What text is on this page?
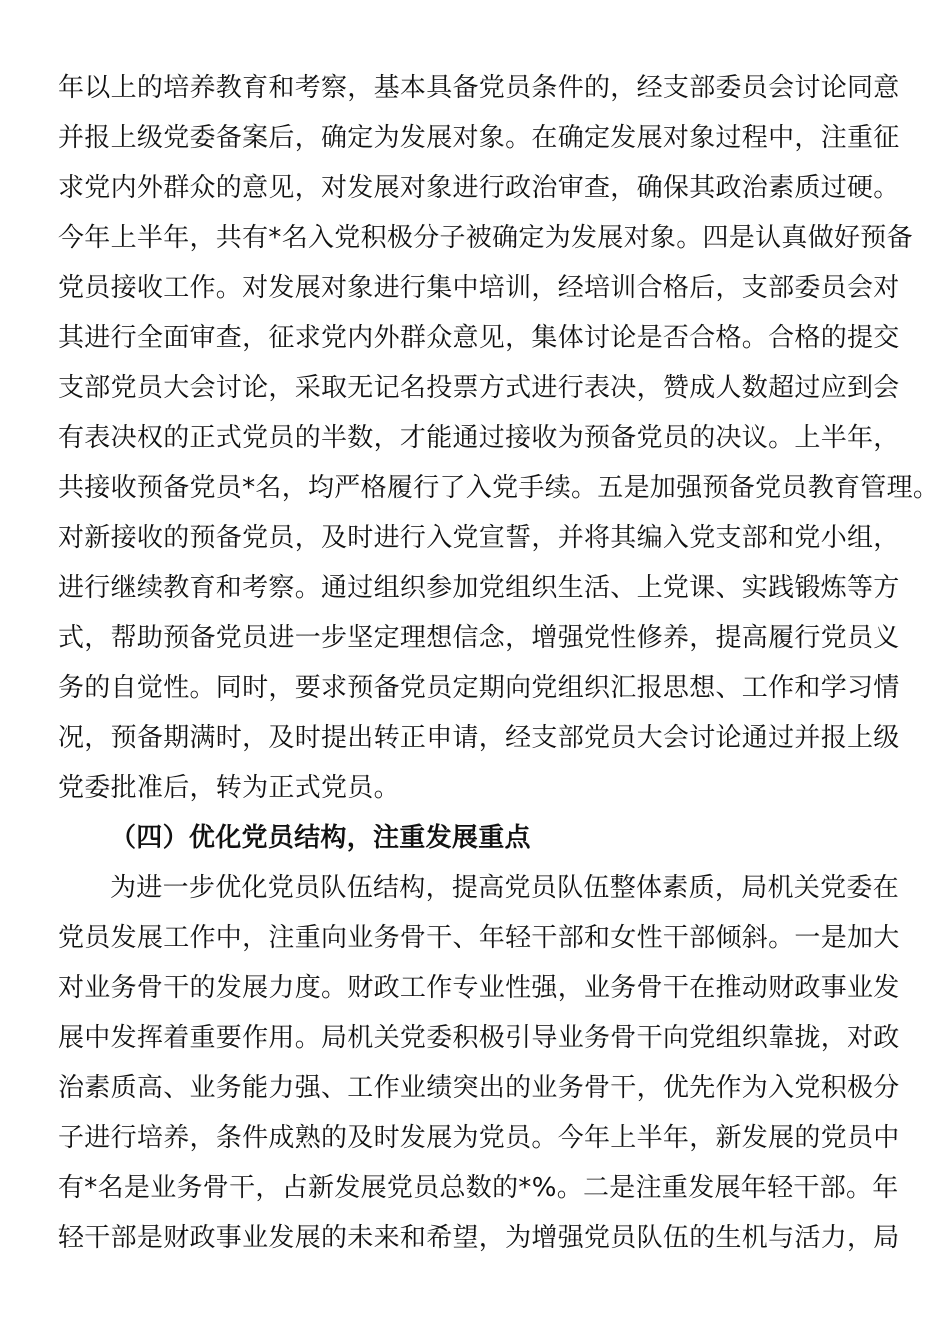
年以上的培养教育和考察，基本具备党员条件的，经支部委员会讨论同意
并报上级党委备案后，确定为发展对象。在确定发展对象过程中，注重征
求党内外群众的意见，对发展对象进行政治审查，确保其政治素质过硬。
今年上半年，共有*名入党积极分子被确定为发展对象。四是认真做好预备
党员接收工作。对发展对象进行集中培训，经培训合格后，支部委员会对
其进行全面审查，征求党内外群众意见，集体讨论是否合格。合格的提交
支部党员大会讨论，采取无记名投票方式进行表决，赞成人数超过应到会
有表决权的正式党员的半数，才能通过接收为预备党员的决议。上半年，
共接收预备党员*名，均严格履行了入党手续。五是加强预备党员教育管理。
对新接收的预备党员，及时进行入党宣誓，并将其编入党支部和党小组，
进行继续教育和考察。通过组织参加党组织生活、上党课、实践锻炼等方
式，帮助预备党员进一步坚定理想信念，增强党性修养，提高履行党员义
务的自觉性。同时，要求预备党员定期向党组织汇报思想、工作和学习情
况，预备期满时，及时提出转正申请，经支部党员大会讨论通过并报上级
党委批准后，转为正式党员。
（四）优化党员结构，注重发展重点
为进一步优化党员队伍结构，提高党员队伍整体素质，局机关党委在
党员发展工作中，注重向业务骨干、年轻干部和女性干部倾斜。一是加大
对业务骨干的发展力度。财政工作专业性强，业务骨干在推动财政事业发
展中发挥着重要作用。局机关党委积极引导业务骨干向党组织靠拢，对政
治素质高、业务能力强、工作业绩突出的业务骨干，优先作为入党积极分
子进行培养，条件成熟的及时发展为党员。今年上半年，新发展的党员中
有*名是业务骨干，占新发展党员总数的*%。二是注重发展年轻干部。年
轻干部是财政事业发展的未来和希望，为增强党员队伍的生机与活力，局
